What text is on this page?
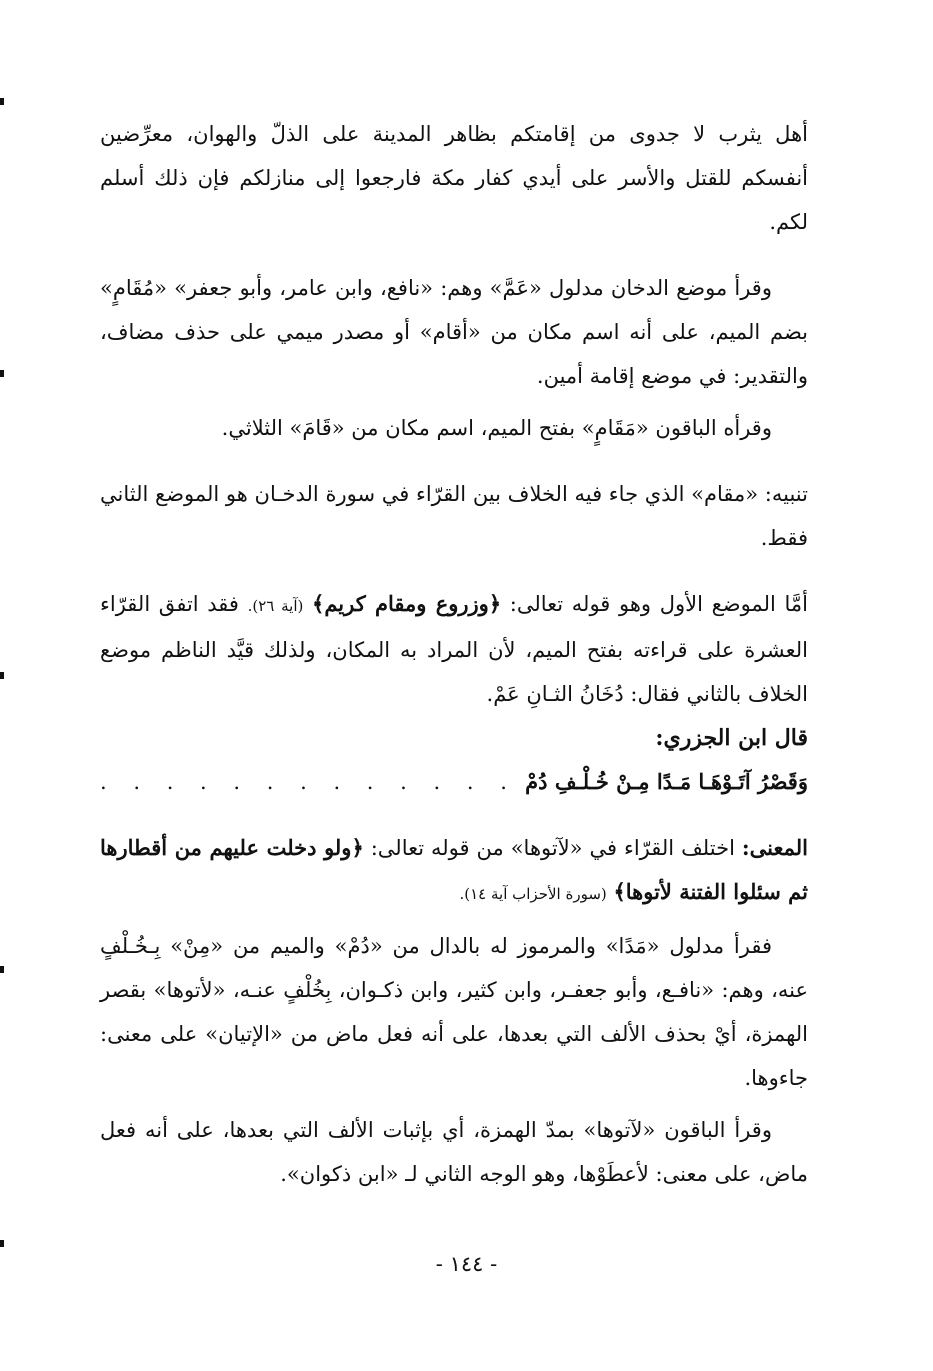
أهل يثرب لا جدوى من إقامتكم بظاهر المدينة على الذلّ والهوان، معرِّضين أنفسكم للقتل والأسر على أيدي كفار مكة فارجعوا إلى منازلكم فإن ذلك أسلم لكم.

وقرأ موضع الدخان مدلول «عَمَّ» وهم: «نافع، وابن عامر، وأبو جعفر» «مُقَامٍ» بضم الميم، على أنه اسم مكان من «أقام» أو مصدر ميمي على حذف مضاف، والتقدير: في موضع إقامة أمين.

وقرأه الباقون «مَقَامٍ» بفتح الميم، اسم مكان من «قَامَ» الثلاثي.

تنبيه: «مقام» الذي جاء فيه الخلاف بين القرّاء في سورة الدخـان هو الموضع الثاني فقط.

أمَّا الموضع الأول وهو قوله تعالى: ﴿وزروع ومقام كريم﴾ (آية ٢٦). فقد اتفق القرّاء العشرة على قراءته بفتح الميم، لأن المراد به المكان، ولذلك قيَّد الناظم موضع الخلاف بالثاني فقال: دُخَانُ الثـانِ عَمْ.

قال ابن الجزري:

وَقَصْرُ آتَـوْهَـا مَـدًا مِـنْ خُـلْـفِ دُمْ
. . . . . . . . . . . . .

المعنى: اختلف القرّاء في «لآتوها» من قوله تعالى: ﴿ولو دخلت عليهم من أقطارها ثم سئلوا الفتنة لأتوها﴾ (سورة الأحزاب آية ١٤).

فقرأ مدلول «مَدًا» والمرموز له بالدال من «دُمْ» والميم من «مِنْ» بِـخُـلْفٍ عنه، وهم: «نافـع، وأبو جعفـر، وابن كثير، وابن ذكـوان، بِخُلْفٍ عنـه، «لأتوها» بقصر الهمزة، أيْ بحذف الألف التي بعدها، على أنه فعل ماض من «الإتيان» على معنى: جاءوها.

وقرأ الباقون «لآتوها» بمدّ الهمزة، أي بإثبات الألف التي بعدها، على أنه فعل ماض، على معنى: لأعطَوْها، وهو الوجه الثاني لـ «ابن ذكوان».

- ١٤٤ -
